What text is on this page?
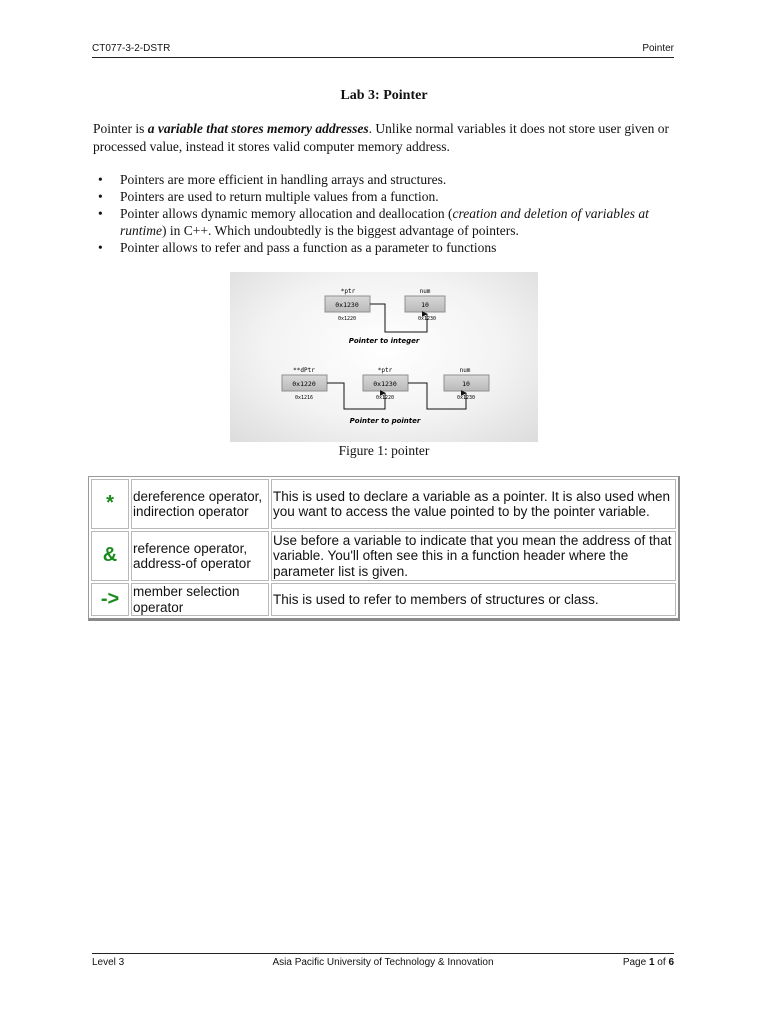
CT077-3-2-DSTR	Pointer
Lab 3: Pointer

Pointer is a variable that stores memory addresses. Unlike normal variables it does not store user given or processed value, instead it stores valid computer memory address.

• Pointers are more efficient in handling arrays and structures.
• Pointers are used to return multiple values from a function.
• Pointer allows dynamic memory allocation and deallocation (creation and deletion of variables at runtime) in C++. Which undoubtedly is the biggest advantage of pointers.
• Pointer allows to refer and pass a function as a parameter to functions
*ptr
0x1230
0x1220
num
10
0x1230
Pointer to integer
**dPtr
0x1220
0x1216
*ptr
0x1230
0x1220
num
10
0x1230
Pointer to pointer
Figure 1: pointer
*	dereference operator, indirection operator	This is used to declare a variable as a pointer. It is also used when you want to access the value pointed to by the pointer variable.
&	reference operator, address-of operator	Use before a variable to indicate that you mean the address of that variable. You'll often see this in a function header where the parameter list is given.
->	member selection operator	This is used to refer to members of structures or class.
Level 3	Asia Pacific University of Technology & Innovation	Page 1 of 6
